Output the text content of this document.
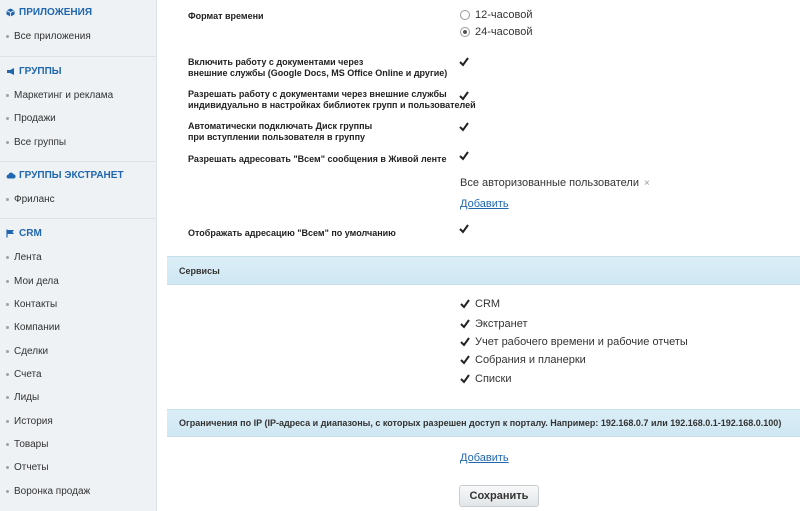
ПРИЛОЖЕНИЯ
Все приложения
ГРУППЫ
Маркетинг и реклама
Продажи
Все группы
ГРУППЫ ЭКСТРАНЕТ
Фриланс
CRM
Лента
Мои дела
Контакты
Компании
Сделки
Счета
Лиды
История
Товары
Отчеты
Воронка продаж
Формат времени	12-часовой
24-часовой
Включить работу с документами через
внешние службы (Google Docs, MS Office Online и другие)
Разрешать работу с документами через внешние службы
индивидуально в настройках библиотек групп и пользователей
Автоматически подключать Диск группы
при вступлении пользователя в группу
Разрешать адресовать "Всем" сообщения в Живой ленте
Все авторизованные пользователи ×
Добавить
Отображать адресацию "Всем" по умолчанию
Сервисы
CRM
Экстранет
Учет рабочего времени и рабочие отчеты
Собрания и планерки
Списки
Ограничения по IP (IP-адреса и диапазоны, с которых разрешен доступ к порталу. Например: 192.168.0.7 или 192.168.0.1-192.168.0.100)
Добавить
Сохранить
